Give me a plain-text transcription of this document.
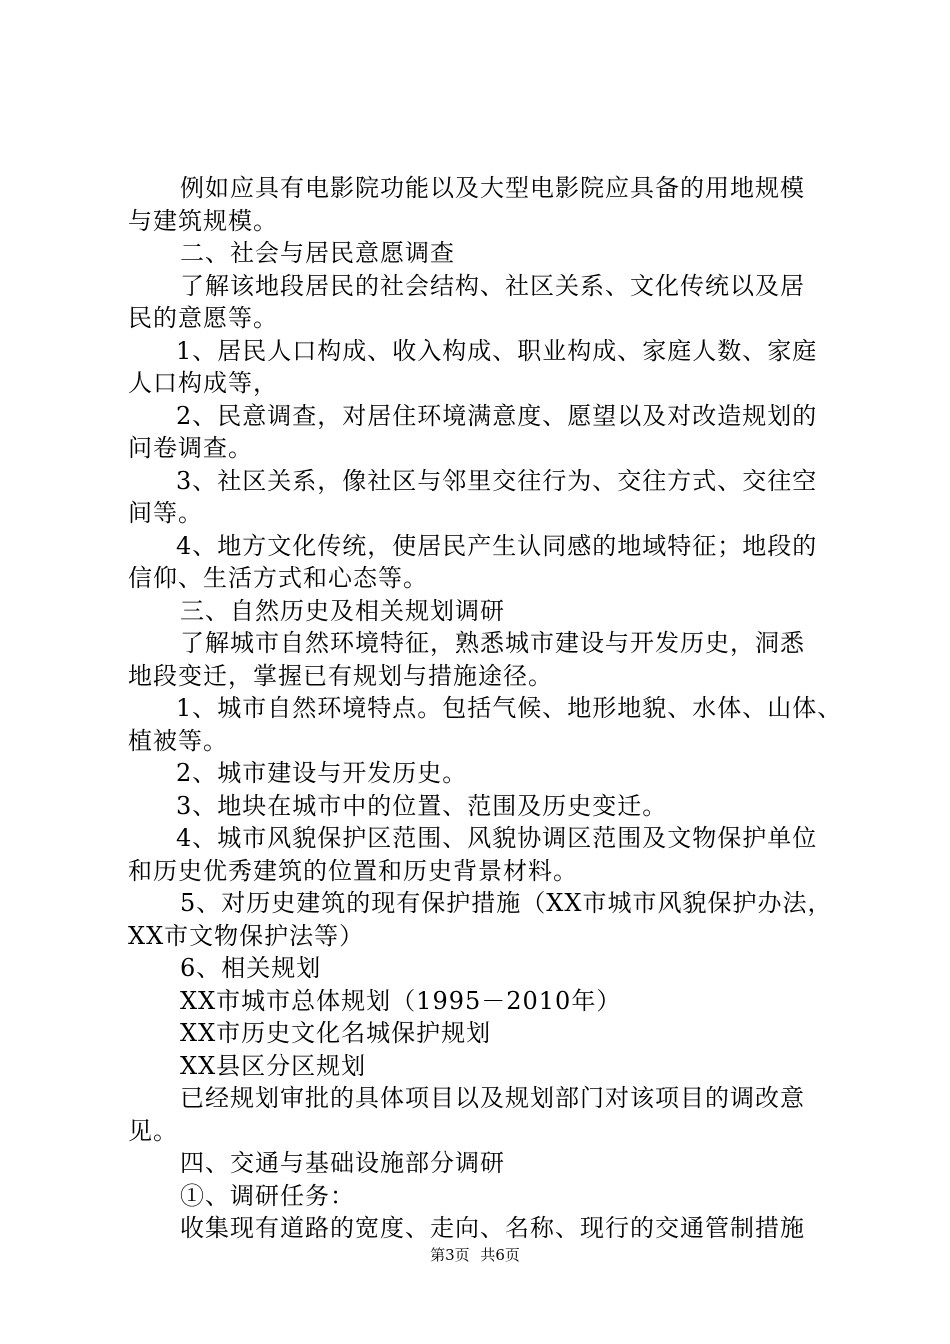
例如应具有电影院功能以及大型电影院应具备的用地规模
与建筑规模。
二、社会与居民意愿调查
了解该地段居民的社会结构、社区关系、文化传统以及居
民的意愿等。
1、居民人口构成、收入构成、职业构成、家庭人数、家庭
人口构成等，
2、民意调查，对居住环境满意度、愿望以及对改造规划的
问卷调查。
3、社区关系，像社区与邻里交往行为、交往方式、交往空
间等。
4、地方文化传统，使居民产生认同感的地域特征；地段的
信仰、生活方式和心态等。
三、自然历史及相关规划调研
了解城市自然环境特征，熟悉城市建设与开发历史，洞悉
地段变迁，掌握已有规划与措施途径。
1、城市自然环境特点。包括气候、地形地貌、水体、山体、
植被等。
2、城市建设与开发历史。
3、地块在城市中的位置、范围及历史变迁。
4、城市风貌保护区范围、风貌协调区范围及文物保护单位
和历史优秀建筑的位置和历史背景材料。
5、对历史建筑的现有保护措施（XX市城市风貌保护办法，
XX市文物保护法等）
6、相关规划
XX市城市总体规划（1995－2010年）
XX市历史文化名城保护规划
XX县区分区规划
已经规划审批的具体项目以及规划部门对该项目的调改意
见。
四、交通与基础设施部分调研
①、调研任务：
收集现有道路的宽度、走向、名称、现行的交通管制措施
第3页 共6页
